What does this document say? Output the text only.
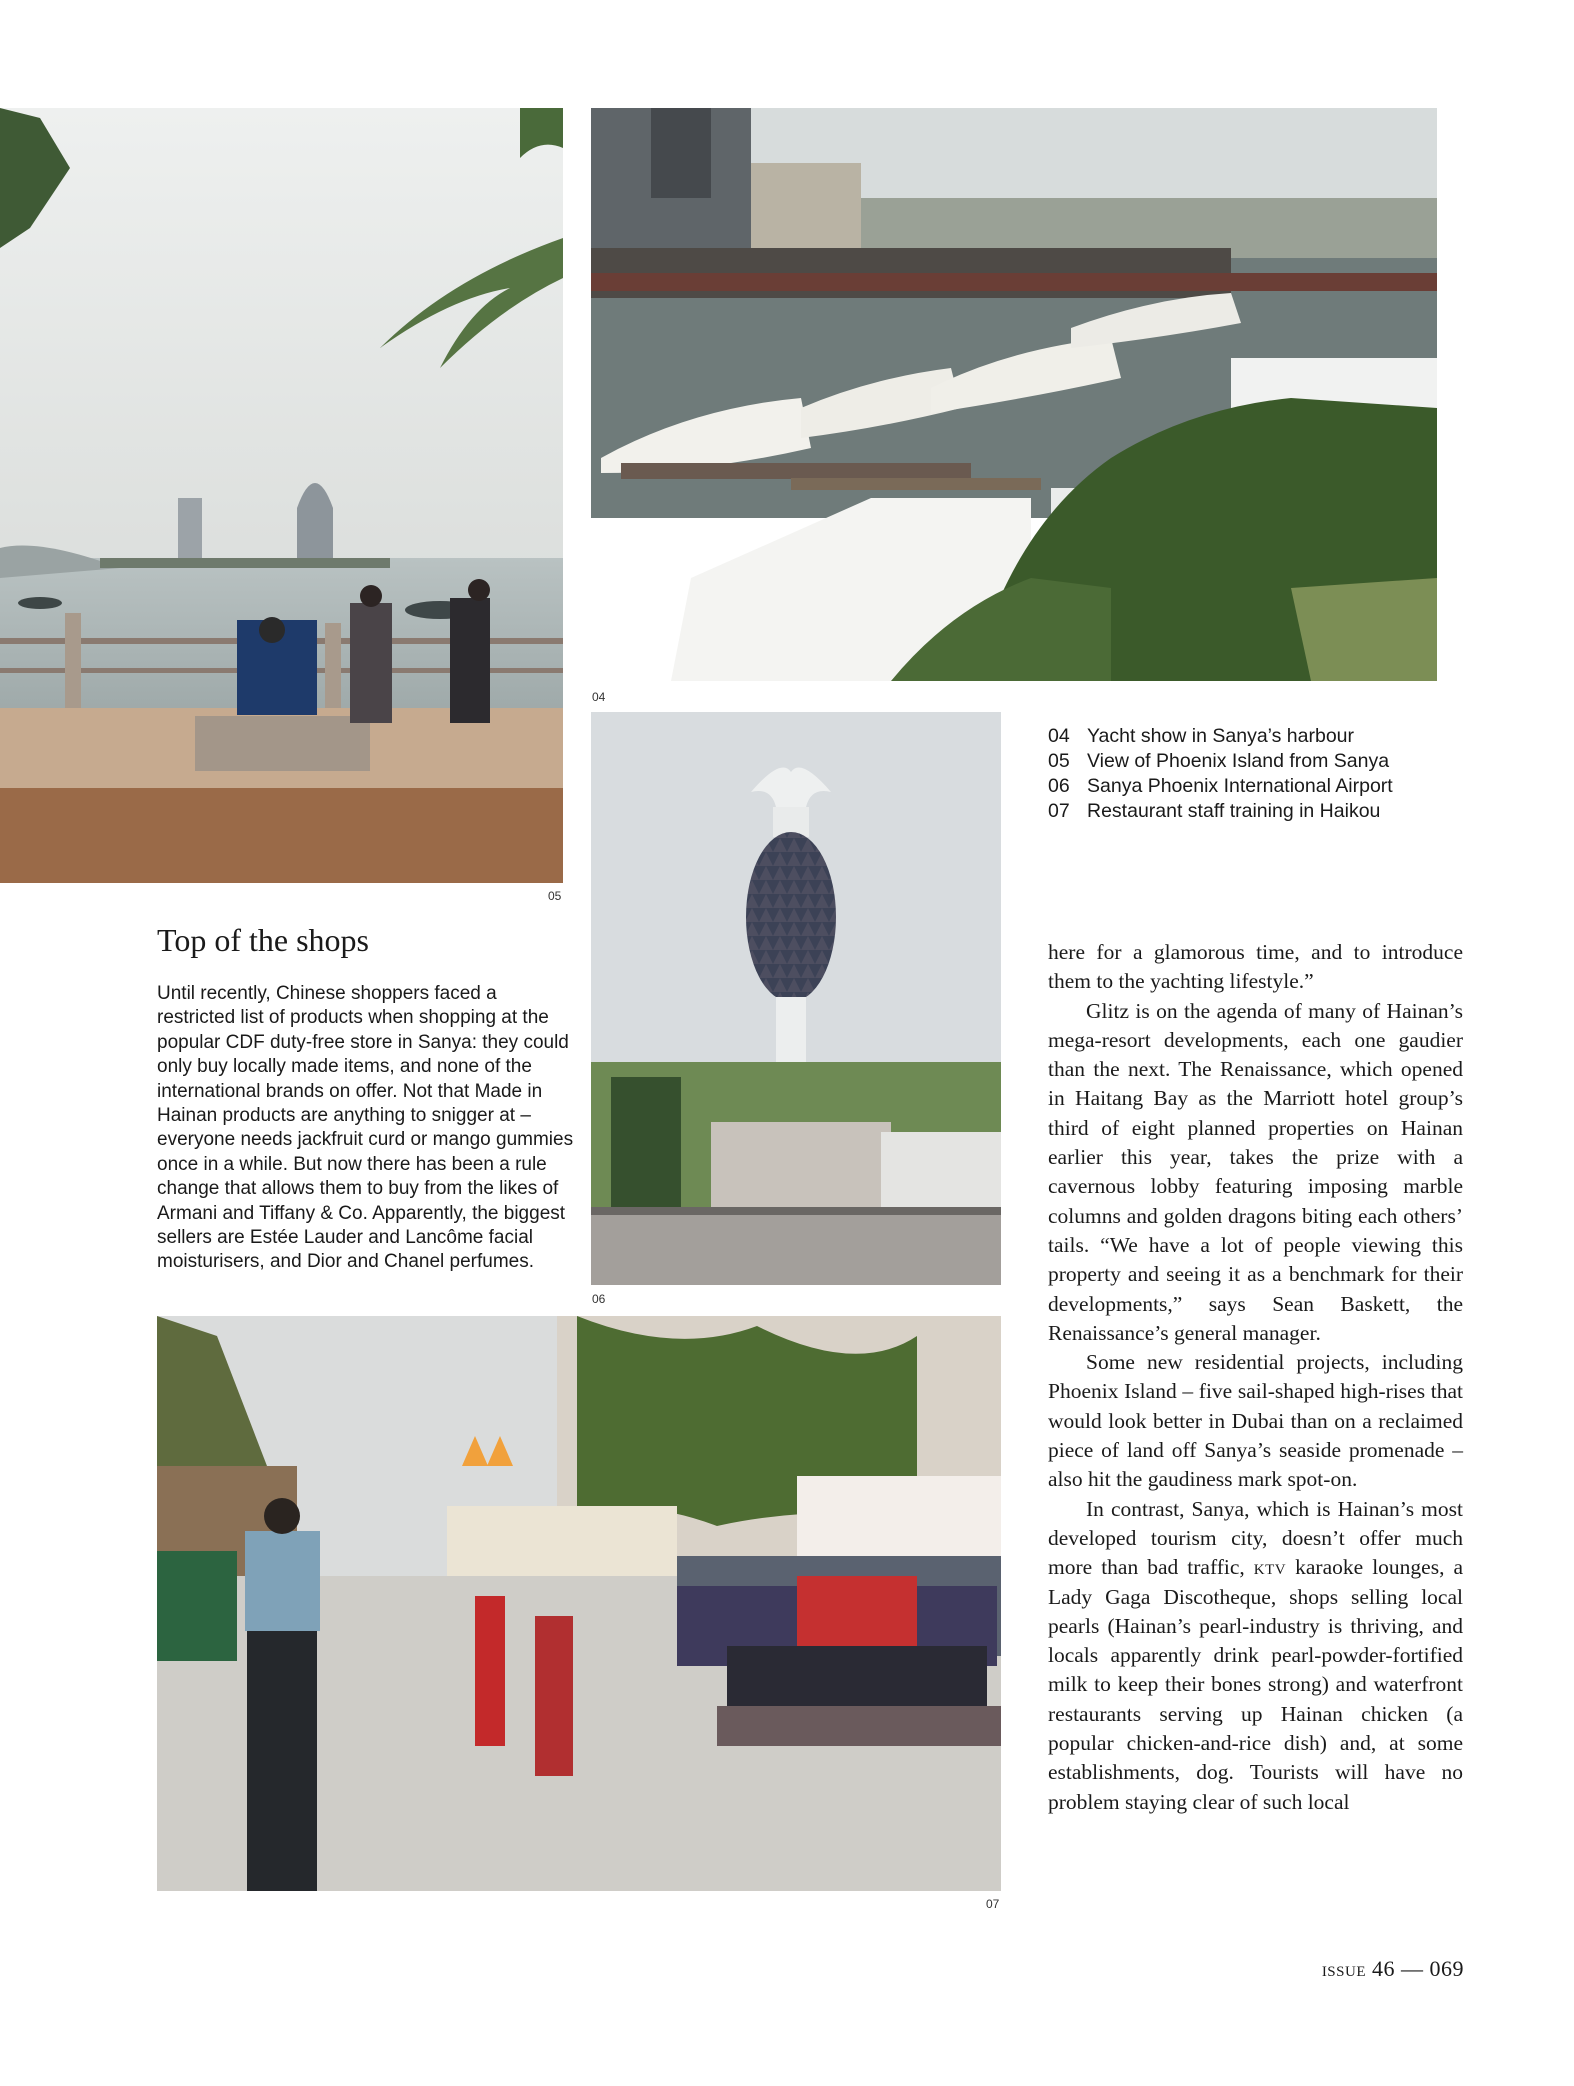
05
04
04 Yacht show in Sanya’s harbour
05 View of Phoenix Island from Sanya
06 Sanya Phoenix International Airport
07 Restaurant staff training in Haikou
06
Top of the shops

Until recently, Chinese shoppers faced a restricted list of products when shopping at the popular CDF duty-free store in Sanya: they could only buy locally made items, and none of the international brands on offer. Not that Made in Hainan products are anything to snigger at – everyone needs jackfruit curd or mango gummies once in a while. But now there has been a rule change that allows them to buy from the likes of Armani and Tiffany & Co. Apparently, the biggest sellers are Estée Lauder and Lancôme facial moisturisers, and Dior and Chanel perfumes.

07

here for a glamorous time, and to introduce them to the yachting lifestyle.”

Glitz is on the agenda of many of Hainan’s mega-resort developments, each one gaudier than the next. The Renaissance, which opened in Haitang Bay as the Marriott hotel group’s third of eight planned properties on Hainan earlier this year, takes the prize with a cavernous lobby featuring imposing marble columns and golden dragons biting each others’ tails. “We have a lot of people viewing this property and seeing it as a benchmark for their developments,” says Sean Baskett, the Renaissance’s general manager.

Some new residential projects, including Phoenix Island – five sail-shaped high-rises that would look better in Dubai than on a reclaimed piece of land off Sanya’s seaside promenade – also hit the gaudiness mark spot-on.

In contrast, Sanya, which is Hainan’s most developed tourism city, doesn’t offer much more than bad traffic, ktv karaoke lounges, a Lady Gaga Discotheque, shops selling local pearls (Hainan’s pearl-industry is thriving, and locals apparently drink pearl-powder-fortified milk to keep their bones strong) and waterfront restaurants serving up Hainan chicken (a popular chicken-and-rice dish) and, at some establishments, dog. Tourists will have no problem staying clear of such local

issue 46 — 069
